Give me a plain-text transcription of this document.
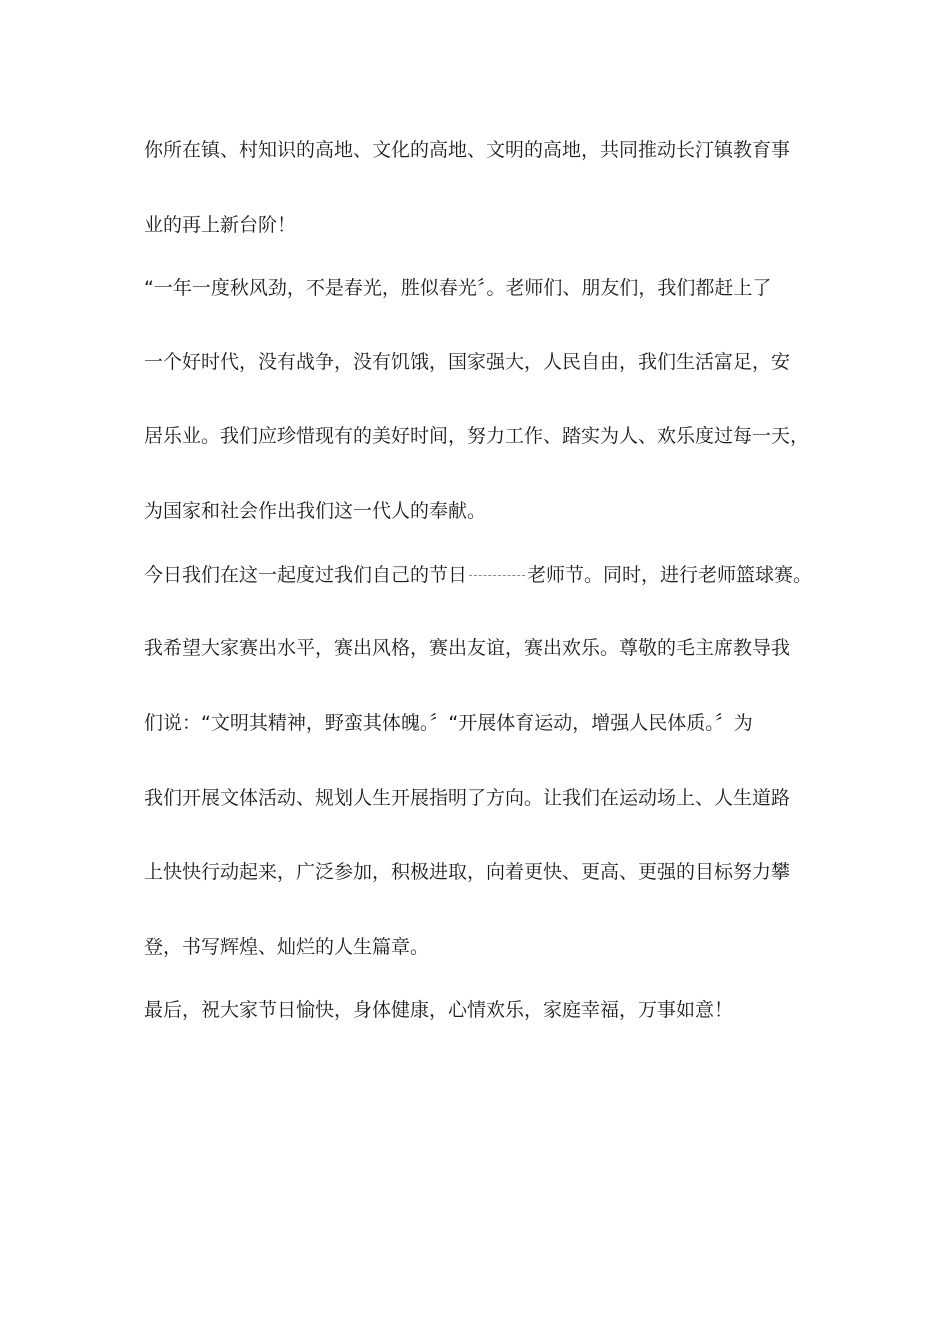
你所在镇、村知识的高地、文化的高地、文明的高地，共同推动长汀镇教育事
业的再上新台阶！
“一年一度秋风劲，不是春光，胜似春光〞。老师们、朋友们，我们都赶上了
一个好时代，没有战争，没有饥饿，国家强大，人民自由，我们生活富足，安
居乐业。我们应珍惜现有的美好时间，努力工作、踏实为人、欢乐度过每一天，
为国家和社会作出我们这一代人的奉献。
今日我们在这一起度过我们自己的节日	老师节。同时，进行老师篮球赛。
我希望大家赛出水平，赛出风格，赛出友谊，赛出欢乐。尊敬的毛主席教导我
们说：“文明其精神，野蛮其体魄。〞“开展体育运动，增强人民体质。〞为
我们开展文体活动、规划人生开展指明了方向。让我们在运动场上、人生道路
上快快行动起来，广泛参加，积极进取，向着更快、更高、更强的目标努力攀
登，书写辉煌、灿烂的人生篇章。
最后，祝大家节日愉快，身体健康，心情欢乐，家庭幸福，万事如意！
